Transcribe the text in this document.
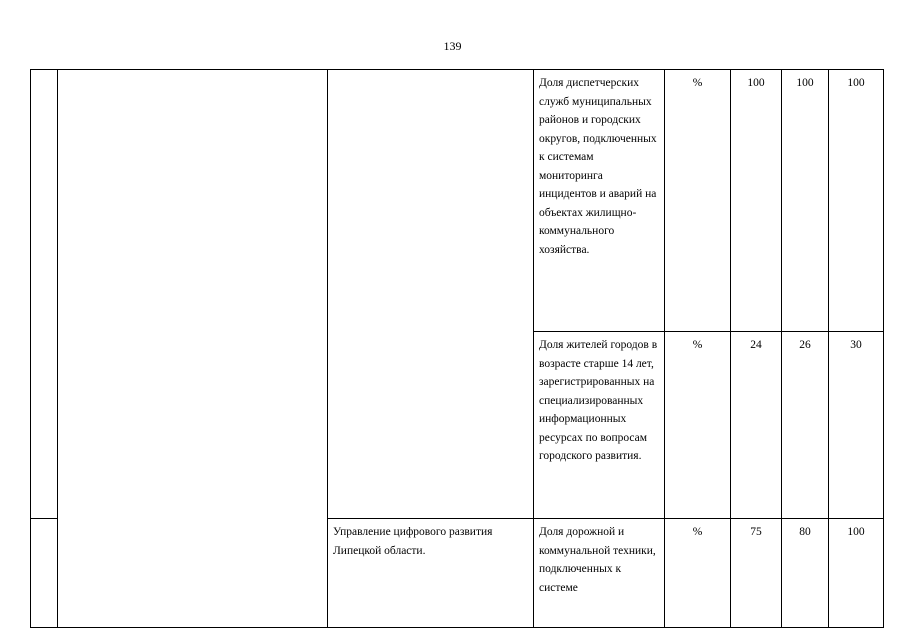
139

			Доля диспетчерских служб муниципальных районов и городских округов, подключенных к системам мониторинга инцидентов и аварий на объектах жилищно-коммунального хозяйства.	%	100	100	100

			Доля жителей городов в возрасте старше 14 лет, зарегистрированных на специализированных информационных ресурсах по вопросам городского развития.	%	24	26	30

		Управление цифрового развития Липецкой области.	Доля дорожной и коммунальной техники, подключенных к системе	%	75	80	100
